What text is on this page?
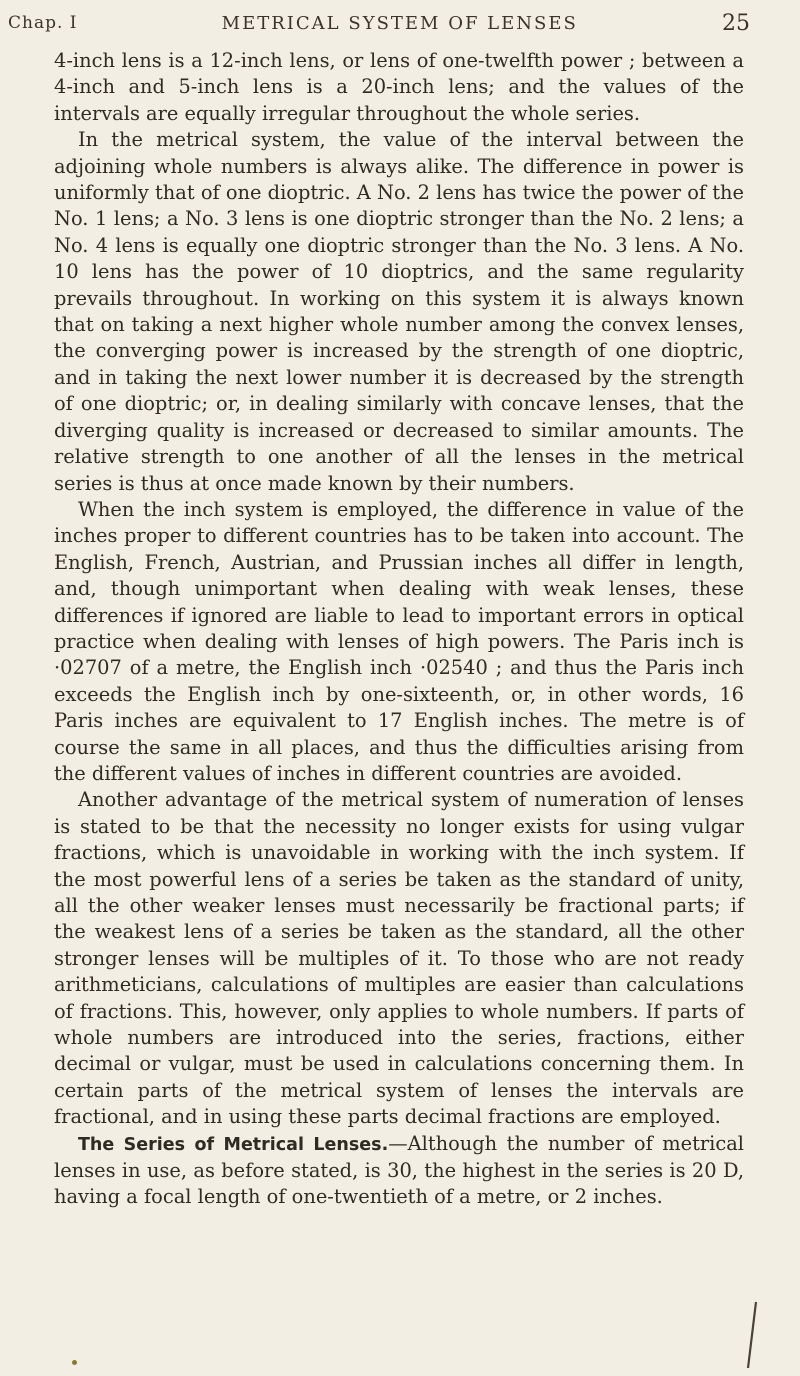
Chap. I	METRICAL SYSTEM OF LENSES	25

4-inch lens is a 12-inch lens, or lens of one-twelfth power ; between a 4-inch and 5-inch lens is a 20-inch lens; and the values of the intervals are equally irregular throughout the whole series.

In the metrical system, the value of the interval between the adjoining whole numbers is always alike. The difference in power is uniformly that of one dioptric. A No. 2 lens has twice the power of the No. 1 lens; a No. 3 lens is one dioptric stronger than the No. 2 lens; a No. 4 lens is equally one dioptric stronger than the No. 3 lens. A No. 10 lens has the power of 10 dioptrics, and the same regularity prevails throughout. In working on this system it is always known that on taking a next higher whole number among the convex lenses, the converging power is increased by the strength of one dioptric, and in taking the next lower number it is decreased by the strength of one dioptric; or, in dealing similarly with concave lenses, that the diverging quality is increased or decreased to similar amounts. The relative strength to one another of all the lenses in the metrical series is thus at once made known by their numbers.

When the inch system is employed, the difference in value of the inches proper to different countries has to be taken into account. The English, French, Austrian, and Prussian inches all differ in length, and, though unimportant when dealing with weak lenses, these differences if ignored are liable to lead to important errors in optical practice when dealing with lenses of high powers. The Paris inch is ·02707 of a metre, the English inch ·02540 ; and thus the Paris inch exceeds the English inch by one-sixteenth, or, in other words, 16 Paris inches are equivalent to 17 English inches. The metre is of course the same in all places, and thus the difficulties arising from the different values of inches in different countries are avoided.

Another advantage of the metrical system of numeration of lenses is stated to be that the necessity no longer exists for using vulgar fractions, which is unavoidable in working with the inch system. If the most powerful lens of a series be taken as the standard of unity, all the other weaker lenses must necessarily be fractional parts; if the weakest lens of a series be taken as the standard, all the other stronger lenses will be multiples of it. To those who are not ready arithmeticians, calculations of multiples are easier than calculations of fractions. This, however, only applies to whole numbers. If parts of whole numbers are introduced into the series, fractions, either decimal or vulgar, must be used in calculations concerning them. In certain parts of the metrical system of lenses the intervals are fractional, and in using these parts decimal fractions are employed.

The Series of Metrical Lenses.—Although the number of metrical lenses in use, as before stated, is 30, the highest in the series is 20 D, having a focal length of one-twentieth of a metre, or 2 inches.
